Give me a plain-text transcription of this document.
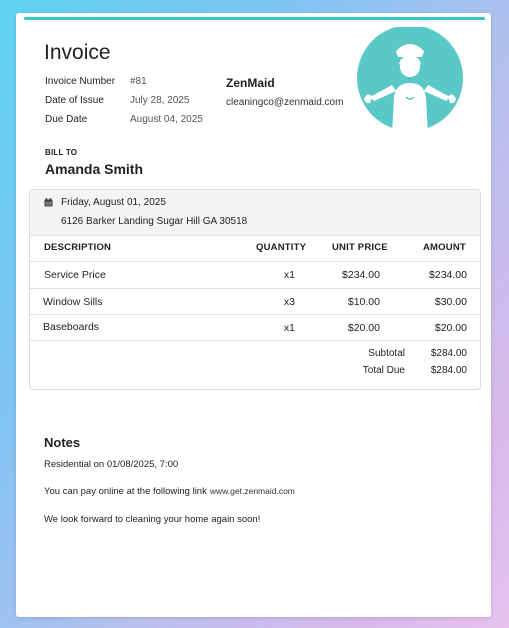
Invoice
Invoice Number #81
Date of Issue	July 28, 2025
Due Date	August 04, 2025
ZenMaid
cleaningco@zenmaid.com
BILL TO
Amanda Smith
Friday, August 01, 2025
6126 Barker Landing Sugar Hill GA 30518
DESCRIPTION	QUANTITY	UNIT PRICE	AMOUNT
Service Price	x1	$234.00	$234.00
Window Sills	x3	$10.00	$30.00
Baseboards	x1	$20.00	$20.00
Subtotal	$284.00
Total Due	$284.00
Notes
Residential on 01/08/2025, 7:00
You can pay online at the following link www.get.zenmaid.com
We look forward to cleaning your home again soon!
